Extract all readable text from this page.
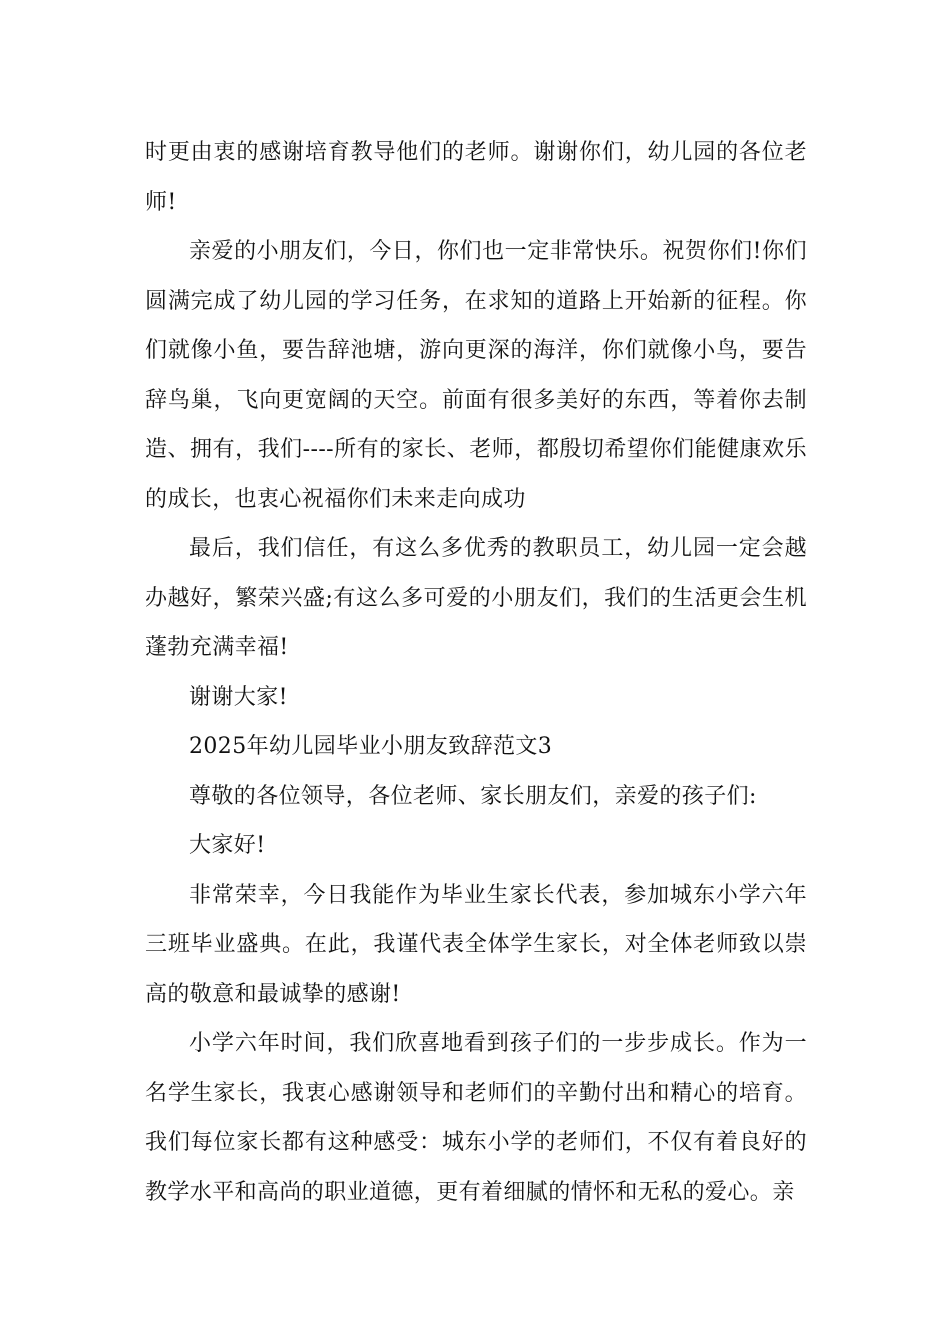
时更由衷的感谢培育教导他们的老师。谢谢你们，幼儿园的各位老师!

亲爱的小朋友们，今日，你们也一定非常快乐。祝贺你们!你们圆满完成了幼儿园的学习任务，在求知的道路上开始新的征程。你们就像小鱼，要告辞池塘，游向更深的海洋，你们就像小鸟，要告辞鸟巢，飞向更宽阔的天空。前面有很多美好的东西，等着你去制造、拥有，我们----所有的家长、老师，都殷切希望你们能健康欢乐的成长，也衷心祝福你们未来走向成功

最后，我们信任，有这么多优秀的教职员工，幼儿园一定会越办越好，繁荣兴盛;有这么多可爱的小朋友们，我们的生活更会生机蓬勃充满幸福!

谢谢大家!

2025年幼儿园毕业小朋友致辞范文3

尊敬的各位领导，各位老师、家长朋友们，亲爱的孩子们:

大家好!

非常荣幸，今日我能作为毕业生家长代表，参加城东小学六年三班毕业盛典。在此，我谨代表全体学生家长，对全体老师致以崇高的敬意和最诚挚的感谢!

小学六年时间，我们欣喜地看到孩子们的一步步成长。作为一名学生家长，我衷心感谢领导和老师们的辛勤付出和精心的培育。我们每位家长都有这种感受：城东小学的老师们，不仅有着良好的教学水平和高尚的职业道德，更有着细腻的情怀和无私的爱心。亲
